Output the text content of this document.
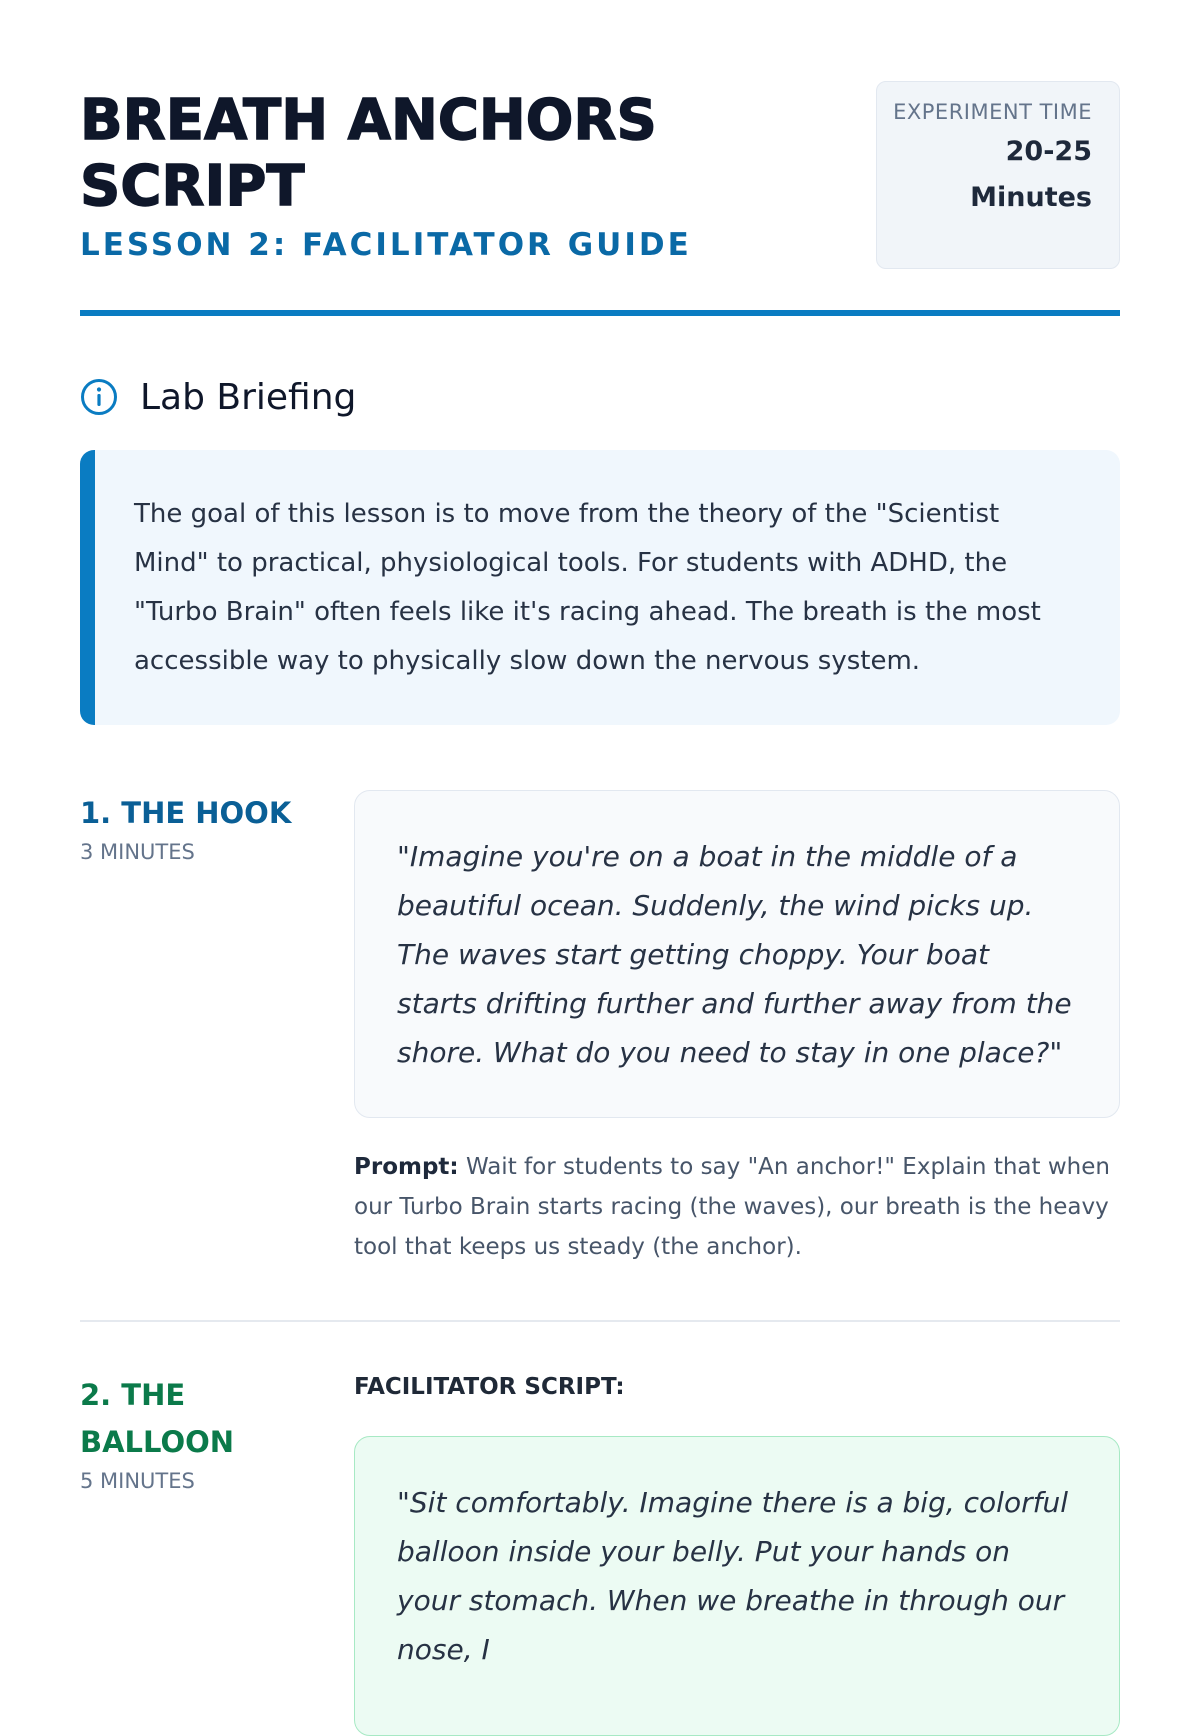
BREATH ANCHORS SCRIPT
LESSON 2: FACILITATOR GUIDE
EXPERIMENT TIME
20-25
Minutes
Lab Briefing

The goal of this lesson is to move from the theory of the "Scientist Mind" to practical, physiological tools. For students with ADHD, the "Turbo Brain" often feels like it's racing ahead. The breath is the most accessible way to physically slow down the nervous system.

1. THE HOOK
3 MINUTES	"Imagine you're on a boat in the middle of a beautiful ocean. Suddenly, the wind picks up. The waves start getting choppy. Your boat starts drifting further and further away from the shore. What do you need to stay in one place?"

Prompt: Wait for students to say "An anchor!" Explain that when our Turbo Brain starts racing (the waves), our breath is the heavy tool that keeps us steady (the anchor).

2. THE BALLOON
5 MINUTES
FACILITATOR SCRIPT:

"Sit comfortably. Imagine there is a big, colorful balloon inside your belly. Put your hands on your stomach. When we breathe in through our nose, I
